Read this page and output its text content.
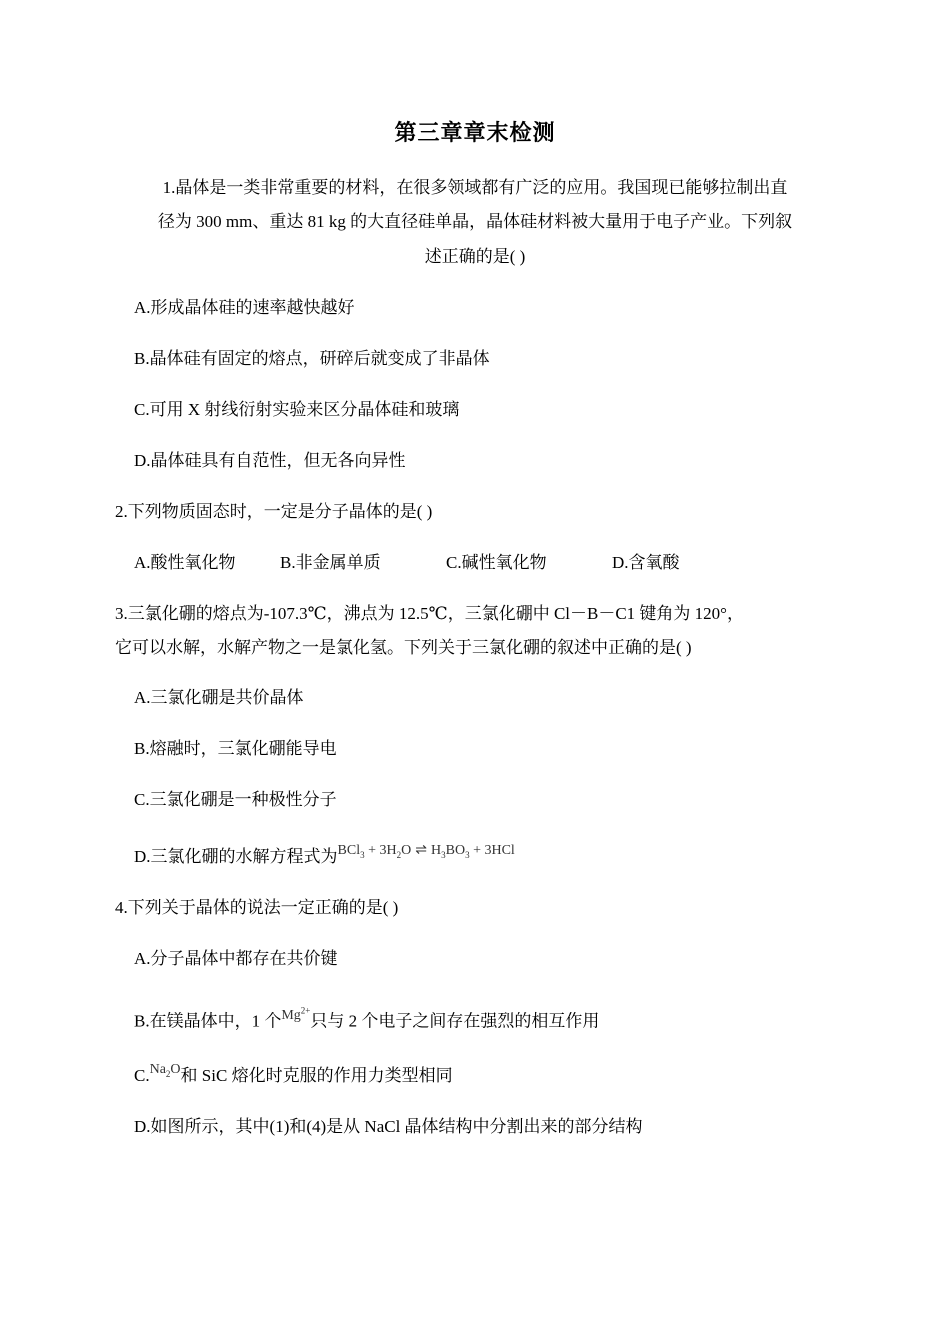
第三章章末检测
1.晶体是一类非常重要的材料，在很多领域都有广泛的应用。我国现已能够拉制出直
径为 300 mm、重达 81 kg 的大直径硅单晶，晶体硅材料被大量用于电子产业。下列叙
述正确的是( )
A.形成晶体硅的速率越快越好
B.晶体硅有固定的熔点，研碎后就变成了非晶体
C.可用 X 射线衍射实验来区分晶体硅和玻璃
D.晶体硅具有自范性，但无各向异性
2.下列物质固态时，一定是分子晶体的是( )
A.酸性氧化物	B.非金属单质	C.碱性氧化物	D.含氧酸
3.三氯化硼的熔点为-107.3℃，沸点为 12.5℃，三氯化硼中 Cl－B－C1 键角为 120°，
它可以水解，水解产物之一是氯化氢。下列关于三氯化硼的叙述中正确的是( )
A.三氯化硼是共价晶体
B.熔融时，三氯化硼能导电
C.三氯化硼是一种极性分子
D.三氯化硼的水解方程式为$^{BCl_3 + 3H_2O \rightleftharpoons H_3BO_3 + 3HCl}$
4.下列关于晶体的说法一定正确的是( )
A.分子晶体中都存在共价键
B.在镁晶体中，1 个$^{Mg^{2+}}$只与 2 个电子之间存在强烈的相互作用
C.$^{Na_2O}$和 SiC 熔化时克服的作用力类型相同
D.如图所示，其中(1)和(4)是从 NaCl 晶体结构中分割出来的部分结构
